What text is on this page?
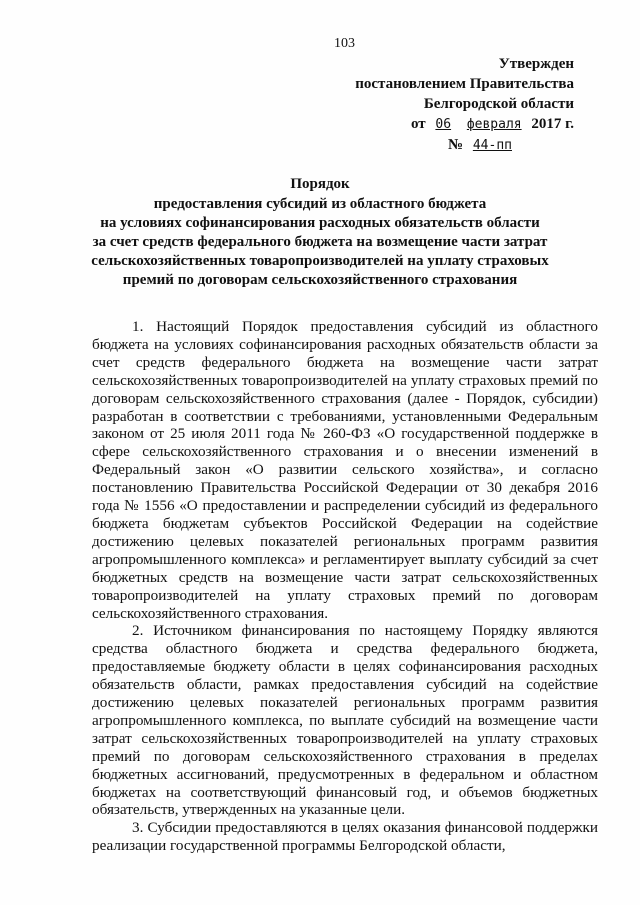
103
Утвержден
постановлением Правительства
Белгородской области
от 06 февраля 2017 г.
№ 44-пп
Порядок
предоставления субсидий из областного бюджета
на условиях софинансирования расходных обязательств области
за счет средств федерального бюджета на возмещение части затрат
сельскохозяйственных товаропроизводителей на уплату страховых
премий по договорам сельскохозяйственного страхования

1. Настоящий Порядок предоставления субсидий из областного бюджета на условиях софинансирования расходных обязательств области за счет средств федерального бюджета на возмещение части затрат сельскохозяйственных товаропроизводителей на уплату страховых премий по договорам сельскохозяйственного страхования (далее - Порядок, субсидии) разработан в соответствии с требованиями, установленными Федеральным законом от 25 июля 2011 года № 260-ФЗ «О государственной поддержке в сфере сельскохозяйственного страхования и о внесении изменений в Федеральный закон «О развитии сельского хозяйства», и согласно постановлению Правительства Российской Федерации от 30 декабря 2016 года № 1556 «О предоставлении и распределении субсидий из федерального бюджета бюджетам субъектов Российской Федерации на содействие достижению целевых показателей региональных программ развития агропромышленного комплекса» и регламентирует выплату субсидий за счет бюджетных средств на возмещение части затрат сельскохозяйственных товаропроизводителей на уплату страховых премий по договорам сельскохозяйственного страхования.

2. Источником финансирования по настоящему Порядку являются средства областного бюджета и средства федерального бюджета, предоставляемые бюджету области в целях софинансирования расходных обязательств области, рамках предоставления субсидий на содействие достижению целевых показателей региональных программ развития агропромышленного комплекса, по выплате субсидий на возмещение части затрат сельскохозяйственных товаропроизводителей на уплату страховых премий по договорам сельскохозяйственного страхования в пределах бюджетных ассигнований, предусмотренных в федеральном и областном бюджетах на соответствующий финансовый год, и объемов бюджетных обязательств, утвержденных на указанные цели.

3. Субсидии предоставляются в целях оказания финансовой поддержки реализации государственной программы Белгородской области,
